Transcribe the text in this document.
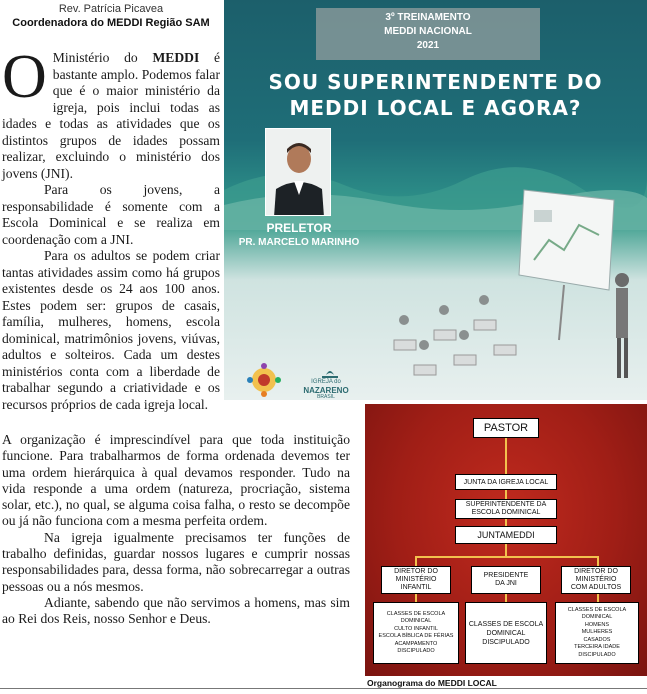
Rev. Patrícia Picavea
Coordenadora do MEDDI Região SAM

O Ministério do MEDDI é bastante amplo. Podemos falar que é o maior ministério da igreja, pois inclui todas as idades e todas as atividades que os distintos grupos de idades possam realizar, excluindo o ministério dos jovens (JNI).

Para os jovens, a responsabilidade é somente com a Escola Dominical e se realiza em coordenação com a JNI.

Para os adultos se podem criar tantas atividades assim como há grupos existentes desde os 24 aos 100 anos. Estes podem ser: grupos de casais, família, mulheres, homens, escola dominical, matrimônios jovens, viúvas, adultos e solteiros. Cada um destes ministérios conta com a liberdade de trabalhar segundo a criatividade e os recursos próprios de cada igreja local.

A organização é imprescindível para que toda instituição funcione. Para trabalharmos de forma ordenada devemos ter uma ordem hierárquica à qual devamos responder. Tudo na vida responde a uma ordem (natureza, procriação, sistema solar, etc.), no qual, se alguma coisa falha, o resto se decompõe ou já não funciona com a mesma perfeita ordem.

Na igreja igualmente precisamos ter funções de trabalho definidas, guardar nossos lugares e cumprir nossas responsabilidades para, dessa forma, não sobrecarregar a outras pessoas ou a nós mesmos.

Adiante, sabendo que não servimos a homens, mas sim ao Rei dos Reis, nosso Senhor e Deus.

3º TREINAMENTO
MEDDI NACIONAL
2021
SOU SUPERINTENDENTE DO
MEDDI LOCAL E AGORA?
PRELETOR
PR. MARCELO MARINHO
IGREJA do
NAZARENO
BRASIL
PASTOR
JUNTA DA IGREJA LOCAL
SUPERINTENDENTE DA
ESCOLA DOMINICAL
JUNTAMEDDI
DIRETOR DO
MINISTÉRIO
INFANTIL
PRESIDENTE
DA JNI
DIRETOR DO
MINISTÉRIO
COM ADULTOS
CLASSES DE ESCOLA
DOMINICAL
CULTO INFANTIL
ESCOLA BÍBLICA DE FÉRIAS
ACAMPAMENTO
DISCIPULADO
CLASSES DE ESCOLA
DOMINICAL
DISCIPULADO
CLASSES DE ESCOLA
DOMINICAL
HOMENS
MULHERES
CASADOS
TERCEIRA IDADE
DISCIPULADO
Organograma do MEDDI LOCAL
